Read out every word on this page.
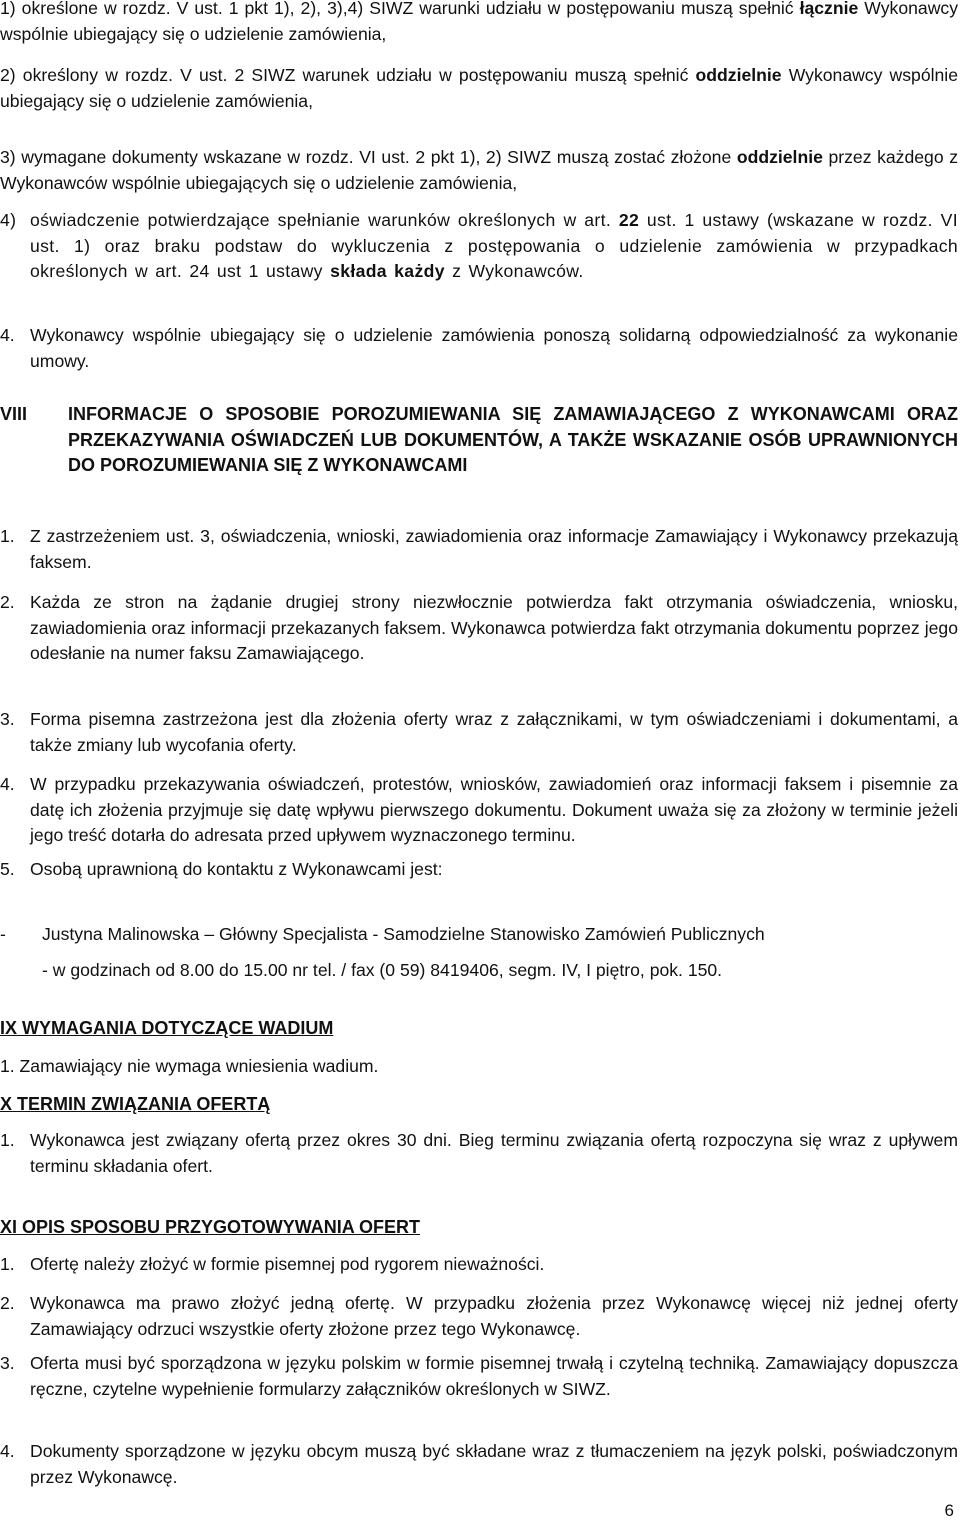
1) określone w rozdz. V ust. 1 pkt 1), 2), 3),4) SIWZ warunki udziału w postępowaniu muszą spełnić łącznie Wykonawcy wspólnie ubiegający się o udzielenie zamówienia,

2) określony w rozdz. V ust. 2 SIWZ warunek udziału w postępowaniu muszą spełnić oddzielnie Wykonawcy wspólnie ubiegający się o udzielenie zamówienia,

3) wymagane dokumenty wskazane w rozdz. VI ust. 2 pkt 1), 2) SIWZ muszą zostać złożone oddzielnie przez każdego z Wykonawców wspólnie ubiegających się o udzielenie zamówienia,

4) oświadczenie potwierdzające spełnianie warunków określonych w art. 22 ust. 1 ustawy (wskazane w rozdz. VI ust. 1) oraz braku podstaw do wykluczenia z postępowania o udzielenie zamówienia w przypadkach określonych w art. 24 ust 1 ustawy składa każdy z Wykonawców.
4. Wykonawcy wspólnie ubiegający się o udzielenie zamówienia ponoszą solidarną odpowiedzialność za wykonanie umowy.
VIII INFORMACJE O SPOSOBIE POROZUMIEWANIA SIĘ ZAMAWIAJĄCEGO Z WYKONAWCAMI ORAZ PRZEKAZYWANIA OŚWIADCZEŃ LUB DOKUMENTÓW, A TAKŻE WSKAZANIE OSÓB UPRAWNIONYCH DO POROZUMIEWANIA SIĘ Z WYKONAWCAMI
1. Z zastrzeżeniem ust. 3, oświadczenia, wnioski, zawiadomienia oraz informacje Zamawiający i Wykonawcy przekazują faksem.
2. Każda ze stron na żądanie drugiej strony niezwłocznie potwierdza fakt otrzymania oświadczenia, wniosku, zawiadomienia oraz informacji przekazanych faksem. Wykonawca potwierdza fakt otrzymania dokumentu poprzez jego odesłanie na numer faksu Zamawiającego.
3. Forma pisemna zastrzeżona jest dla złożenia oferty wraz z załącznikami, w tym oświadczeniami i dokumentami, a także zmiany lub wycofania oferty.
4. W przypadku przekazywania oświadczeń, protestów, wniosków, zawiadomień oraz informacji faksem i pisemnie za datę ich złożenia przyjmuje się datę wpływu pierwszego dokumentu. Dokument uważa się za złożony w terminie jeżeli jego treść dotarła do adresata przed upływem wyznaczonego terminu.
5. Osobą uprawnioną do kontaktu z Wykonawcami jest:
- Justyna Malinowska – Główny Specjalista - Samodzielne Stanowisko Zamówień Publicznych
- w godzinach od 8.00 do 15.00 nr tel. / fax (0 59) 8419406, segm. IV, I piętro, pok. 150.
IX WYMAGANIA DOTYCZĄCE WADIUM
1. Zamawiający nie wymaga wniesienia wadium.
X TERMIN ZWIĄZANIA OFERTĄ
1. Wykonawca jest związany ofertą przez okres 30 dni. Bieg terminu związania ofertą rozpoczyna się wraz z upływem terminu składania ofert.
XI OPIS SPOSOBU PRZYGOTOWYWANIA OFERT
1. Ofertę należy złożyć w formie pisemnej pod rygorem nieważności.
2. Wykonawca ma prawo złożyć jedną ofertę. W przypadku złożenia przez Wykonawcę więcej niż jednej oferty Zamawiający odrzuci wszystkie oferty złożone przez tego Wykonawcę.
3. Oferta musi być sporządzona w języku polskim w formie pisemnej trwałą i czytelną techniką. Zamawiający dopuszcza ręczne, czytelne wypełnienie formularzy załączników określonych w SIWZ.
4. Dokumenty sporządzone w języku obcym muszą być składane wraz z tłumaczeniem na język polski, poświadczonym przez Wykonawcę.
6
